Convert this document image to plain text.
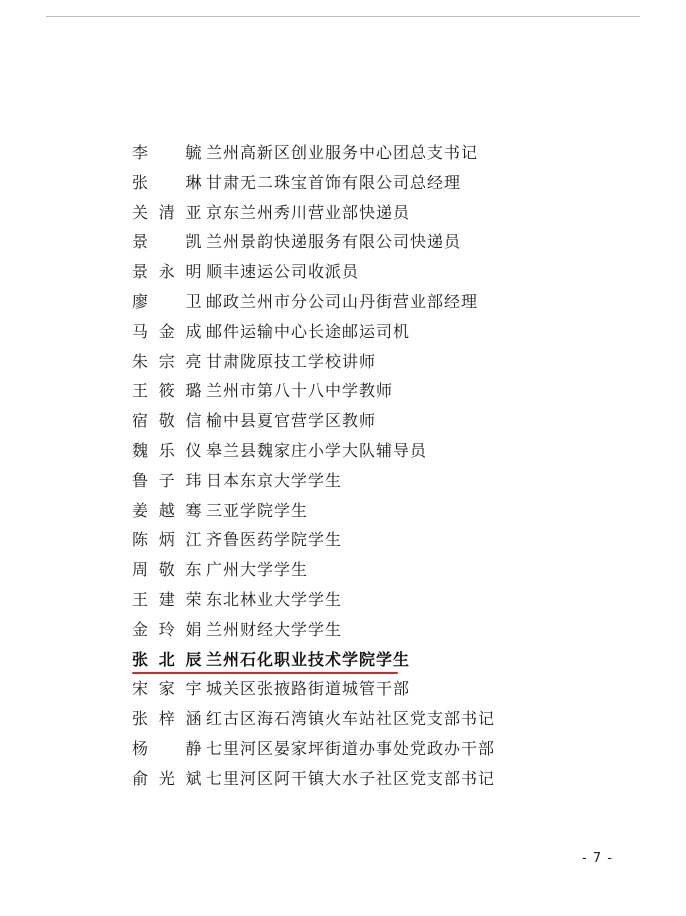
李 毓 兰州高新区创业服务中心团总支书记
张 琳 甘肃无二珠宝首饰有限公司总经理
关清亚 京东兰州秀川营业部快递员
景 凯 兰州景韵快递服务有限公司快递员
景永明 顺丰速运公司收派员
廖 卫 邮政兰州市分公司山丹街营业部经理
马金成 邮件运输中心长途邮运司机
朱宗亮 甘肃陇原技工学校讲师
王筱璐 兰州市第八十八中学教师
宿敬信 榆中县夏官营学区教师
魏乐仪 皋兰县魏家庄小学大队辅导员
鲁子玮 日本东京大学学生
姜越骞 三亚学院学生
陈炳江 齐鲁医药学院学生
周敬东 广州大学学生
王建荣 东北林业大学学生
金玲娟 兰州财经大学学生
张北辰 兰州石化职业技术学院学生
宋家宇 城关区张掖路街道城管干部
张梓涵 红古区海石湾镇火车站社区党支部书记
杨 静 七里河区晏家坪街道办事处党政办干部
俞光斌 七里河区阿干镇大水子社区党支部书记
- 7 -
